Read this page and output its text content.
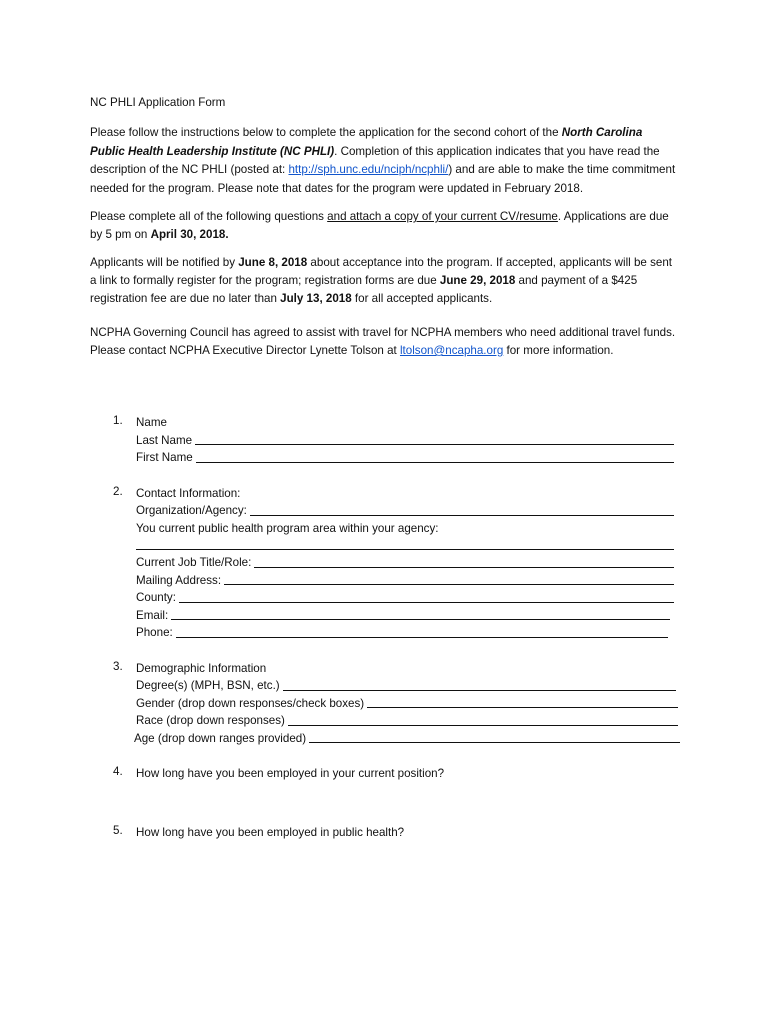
NC PHLI Application Form

Please follow the instructions below to complete the application for the second cohort of the North Carolina Public Health Leadership Institute (NC PHLI). Completion of this application indicates that you have read the description of the NC PHLI (posted at: http://sph.unc.edu/nciph/ncphli/) and are able to make the time commitment needed for the program. Please note that dates for the program were updated in February 2018.

Please complete all of the following questions and attach a copy of your current CV/resume. Applications are due by 5 pm on April 30, 2018.

Applicants will be notified by June 8, 2018 about acceptance into the program. If accepted, applicants will be sent a link to formally register for the program; registration forms are due June 29, 2018 and payment of a $425 registration fee are due no later than July 13, 2018 for all accepted applicants.

NCPHA Governing Council has agreed to assist with travel for NCPHA members who need additional travel funds. Please contact NCPHA Executive Director Lynette Tolson at ltolson@ncapha.org for more information.

1. Name
Last Name
First Name
2. Contact Information:
Organization/Agency:
You current public health program area within your agency:
Current Job Title/Role:
Mailing Address:
County:
Email:
Phone:
3. Demographic Information
Degree(s) (MPH, BSN, etc.)
Gender (drop down responses/check boxes)
Race (drop down responses)
Age (drop down ranges provided)
4. How long have you been employed in your current position?
5. How long have you been employed in public health?
